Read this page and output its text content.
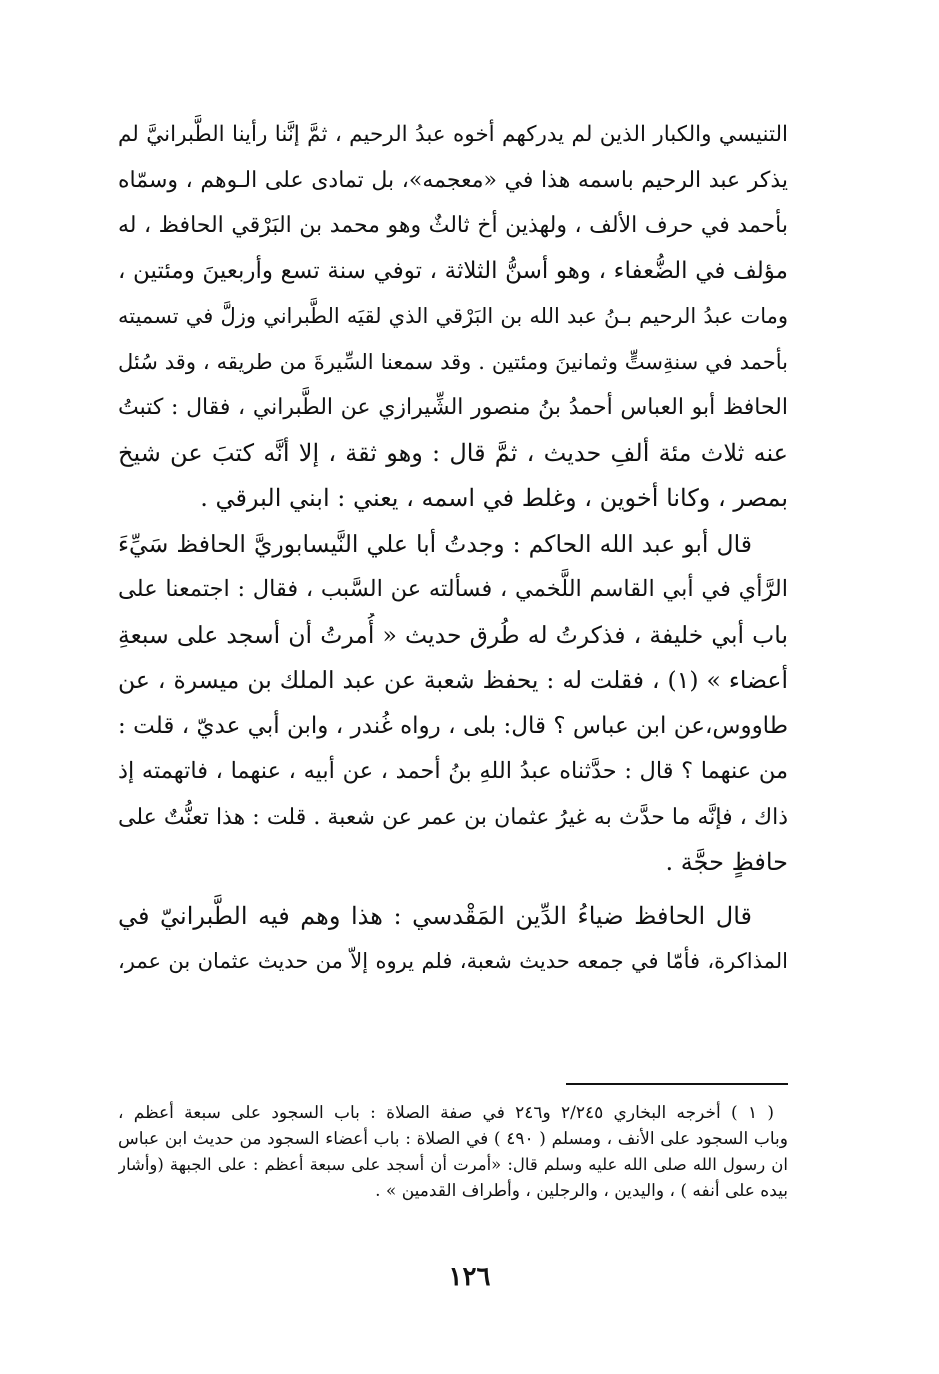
التنيسي والكبار الذين لم يدركهم أخوه عبدُ الرحيم ، ثمَّ إنَّنا رأينا الطَّبرانيَّ لم
يذكر عبد الرحيم باسمه هذا في «معجمه»، بل تمادى على الـوهم ، وسمّاه
بأحمد في حرف الألف ، ولهذين أخ ثالثٌ وهو محمد بن البَرْقي الحافظ ، له
مؤلف في الضُّعفاء ، وهو أسنُّ الثلاثة ، توفي سنة تسع وأربعينَ ومئتين ،
ومات عبدُ الرحيم بـنُ عبد الله بن البَرْقي الذي لقيَه الطَّبراني وزلَّ في تسميته
بأحمد في سنةِستٍّ وثمانينَ ومئتين . وقد سمعنا السِّيرةَ من طريقه ، وقد سُئل
الحافظ أبو العباس أحمدُ بنُ منصور الشِّيرازي عن الطَّبراني ، فقال : كتبتُ
عنه ثلاث مئة ألفِ حديث ، ثمَّ قال : وهو ثقة ، إلا أنَّه كتبَ عن شيخ
بمصر ، وكانا أخوين ، وغلط في اسمه ، يعني : ابني البرقي .
قال أبو عبد الله الحاكم : وجدتُ أبا علي النَّيسابوريَّ الحافظ سَيِّءَ
الرَّأي في أبي القاسم اللَّخمي ، فسألته عن السَّبب ، فقال : اجتمعنا على
باب أبي خليفة ، فذكرتُ له طُرق حديث « أُمرتُ أن أسجد على سبعةِ
أعضاء » (١) ، فقلت له : يحفظ شعبة عن عبد الملك بن ميسرة ، عن
طاووس،عن ابن عباس ؟ قال: بلى ، رواه غُندر ، وابن أبي عديّ ، قلت :
من عنهما ؟ قال : حدَّثناه عبدُ اللهِ بنُ أحمد ، عن أبيه ، عنهما ، فاتهمته إذ
ذاك ، فإنَّه ما حدَّث به غيرُ عثمان بن عمر عن شعبة . قلت : هذا تعنُّتٌ على
حافظٍ حجَّة .
قال الحافظ ضياءُ الدِّين المَقْدسي : هذا وهم فيه الطَّبرانيّ في
المذاكرة، فأمّا في جمعه حديث شعبة، فلم يروه إلاّ من حديث عثمان بن عمر،
( ١ ) أخرجه البخاري ٢/٢٤٥ و٢٤٦ في صفة الصلاة : باب السجود على سبعة أعظم ،
وباب السجود على الأنف ، ومسلم ( ٤٩٠ ) في الصلاة : باب أعضاء السجود من حديث ابن عباس
ان رسول الله صلى الله عليه وسلم قال: «أمرت أن أسجد على سبعة أعظم : على الجبهة (وأشار
بيده على أنفه ) ، واليدين ، والرجلين ، وأطراف القدمين » .
١٢٦
